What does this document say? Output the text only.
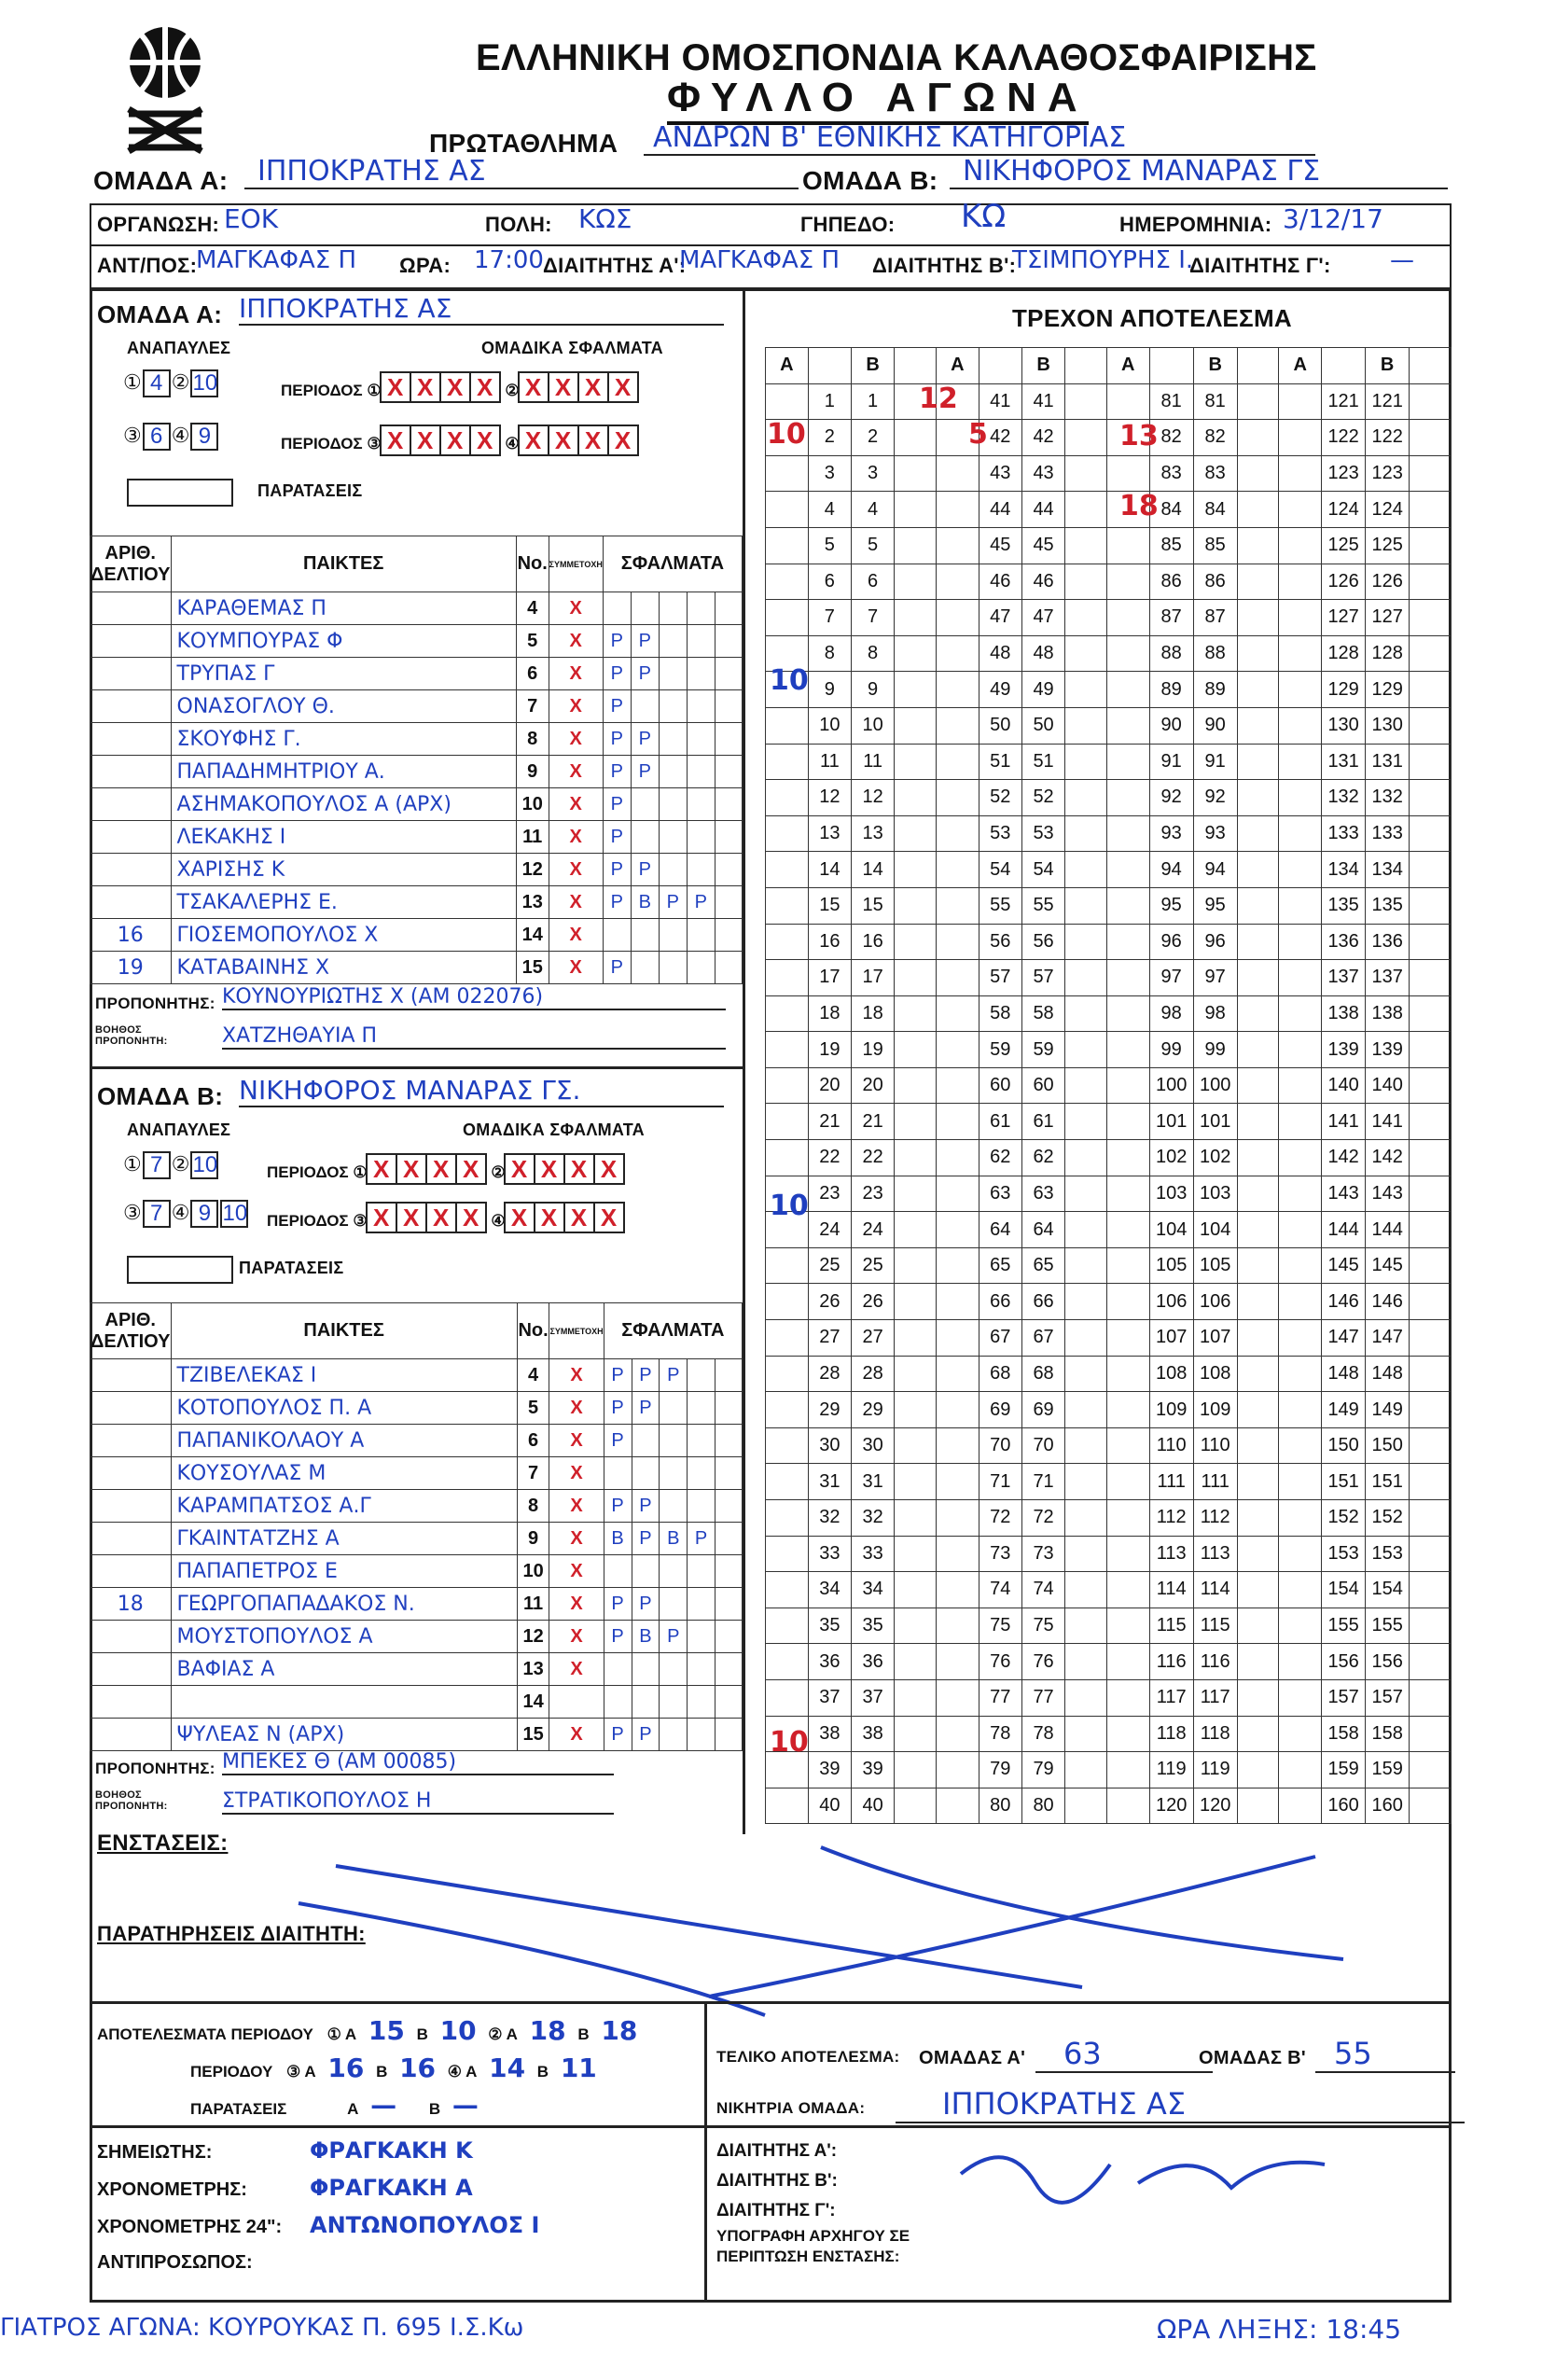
ΕΛΛΗΝΙΚΗ ΟΜΟΣΠΟΝΔΙΑ ΚΑΛΑΘΟΣΦΑΙΡΙΣΗΣ
ΦΥΛΛΟ ΑΓΩΝΑ
ΠΡΩΤΑΘΛΗΜΑ	ΑΝΔΡΩΝ Β' ΕΘΝΙΚΗΣ ΚΑΤΗΓΟΡΙΑΣ
ΟΜΑΔΑ Α:	ΙΠΠΟΚΡΑΤΗΣ ΑΣ	ΟΜΑΔΑ Β: ΝΙΚΗΦΟΡΟΣ ΜΑΝΑΡΑΣ ΓΣ
ΟΡΓΑΝΩΣΗ: ΕΟΚ	ΠΟΛΗ: ΚΩΣ	ΓΗΠΕΔΟ: ΚΩ	ΗΜΕΡΟΜΗΝΙΑ: 3/12/17
ΑΝΤ/ΠΟΣ:
ΜΑΓΚΑΦΑΣ Π ΩΡΑ: 17:00 ΔΙΑΙΤΗΤΗΣ Α':
ΜΑΓΚΑΦΑΣ Π ΔΙΑΙΤΗΤΗΣ Β':
ΤΣΙΜΠΟΥΡΗΣ Ι.
ΔΙΑΙΤΗΤΗΣ Γ': —
ΟΜΑΔΑ Α: ΙΠΠΟΚΡΑΤΗΣ ΑΣ
ΑΝΑΠΑΥΛΕΣ	ΟΜΑΔΙΚΑ ΣΦΑΛΜΑΤΑ
① 4 ② 10
③ 6 ④ 9
ΠΕΡΙΟΔΟΣ ① X X X X ② X X X X
ΠΕΡΙΟΔΟΣ ③ X X X X ④ X X X X
ΠΑΡΑΤΑΣΕΙΣ
ΑΡΙΘ. ΔΕΛΤΙΟΥ	ΠΑΙΚΤΕΣ	No.	ΣΥΜΜΕΤΟΧΗ	ΣΦΑΛΜΑΤΑ				
	ΚΑΡΑΘΕΜΑΣ Π	4	X					
	ΚΟΥΜΠΟΥΡΑΣ Φ	5	X	P	P			
	ΤΡΥΠΑΣ Γ	6	X	P	P			
	ΟΝΑΣΟΓΛΟΥ Θ.	7	X	P				
	ΣΚΟΥΦΗΣ Γ.	8	X	P	P			
	ΠΑΠΑΔΗΜΗΤΡΙΟΥ Α.	9	X	P	P			
	ΑΣΗΜΑΚΟΠΟΥΛΟΣ Α (ΑΡΧ)	10	X	P				
	ΛΕΚΑΚΗΣ Ι	11	X	P				
	ΧΑΡΙΣΗΣ Κ	12	X	P	P			
	ΤΣΑΚΑΛΕΡΗΣ Ε.	13	X	P	B	P	P	
16	ΓΙΟΣΕΜΟΠΟΥΛΟΣ Χ	14	X					
19	ΚΑΤΑΒΑΙΝΗΣ Χ	15	X	P				
ΠΡΟΠΟΝΗΤΗΣ: ΚΟΥΝΟΥΡΙΩΤΗΣ Χ (ΑΜ 022076)
ΒΟΗΘΟΣ ΠΡΟΠΟΝΗΤΗ:	ΧΑΤΖΗΘΑΥΙΑ Π
ΟΜΑΔΑ Β: ΝΙΚΗΦΟΡΟΣ ΜΑΝΑΡΑΣ ΓΣ.
ΑΝΑΠΑΥΛΕΣ	ΟΜΑΔΙΚΑ ΣΦΑΛΜΑΤΑ
① 7 ② 10
③ 7 ④ 9 10
ΠΕΡΙΟΔΟΣ ① X X X X ② X X X X
ΠΕΡΙΟΔΟΣ ③ X X X X ④ X X X X
ΠΑΡΑΤΑΣΕΙΣ
ΑΡΙΘ. ΔΕΛΤΙΟΥ	ΠΑΙΚΤΕΣ	No.	ΣΥΜΜΕΤΟΧΗ	ΣΦΑΛΜΑΤΑ				
	ΤΖΙΒΕΛΕΚΑΣ Ι	4	X	P	P	P		
	ΚΟΤΟΠΟΥΛΟΣ Π. Α	5	X	P	P			
	ΠΑΠΑΝΙΚΟΛΑΟΥ Α	6	X	P				
	ΚΟΥΣΟΥΛΑΣ Μ	7	X					
	ΚΑΡΑΜΠΑΤΣΟΣ Α.Γ	8	X	P	P			
	ΓΚΑΙΝΤΑΤΖΗΣ Α	9	X	B	P	B	P	
	ΠΑΠΑΠΕΤΡΟΣ Ε	10	X					
18	ΓΕΩΡΓΟΠΑΠΑΔΑΚΟΣ Ν.	11	X	P	P			
	ΜΟΥΣΤΟΠΟΥΛΟΣ Α	12	X	P	B	P		
	ΒΑΦΙΑΣ Α	13	X					
		14						
	ΨΥΛΕΑΣ Ν (ΑΡΧ)	15	X	P	P			
ΠΡΟΠΟΝΗΤΗΣ: ΜΠΕΚΕΣ Θ (ΑΜ 00085)
ΒΟΗΘΟΣ ΠΡΟΠΟΝΗΤΗ:	ΣΤΡΑΤΙΚΟΠΟΥΛΟΣ Η
ΤΡΕΧΟΝ ΑΠΟΤΕΛΕΣΜΑ
Α		Β		Α		Β		Α		Β		Α		Β	
	1	1			41	41			81	81			121	121	
	2	2			42	42			82	82			122	122	
	3	3			43	43			83	83			123	123	
	4	4			44	44			84	84			124	124	
	5	5			45	45			85	85			125	125	
	6	6			46	46			86	86			126	126	
	7	7			47	47			87	87			127	127	
	8	8			48	48			88	88			128	128	
	9	9			49	49			89	89			129	129	
	10	10			50	50			90	90			130	130	
	11	11			51	51			91	91			131	131	
	12	12			52	52			92	92			132	132	
	13	13			53	53			93	93			133	133	
	14	14			54	54			94	94			134	134	
	15	15			55	55			95	95			135	135	
	16	16			56	56			96	96			136	136	
	17	17			57	57			97	97			137	137	
	18	18			58	58			98	98			138	138	
	19	19			59	59			99	99			139	139	
	20	20			60	60			100	100			140	140	
	21	21			61	61			101	101			141	141	
	22	22			62	62			102	102			142	142	
	23	23			63	63			103	103			143	143	
	24	24			64	64			104	104			144	144	
	25	25			65	65			105	105			145	145	
	26	26			66	66			106	106			146	146	
	27	27			67	67			107	107			147	147	
	28	28			68	68			108	108			148	148	
	29	29			69	69			109	109			149	149	
	30	30			70	70			110	110			150	150	
	31	31			71	71			111	111			151	151	
	32	32			72	72			112	112			152	152	
	33	33			73	73			113	113			153	153	
	34	34			74	74			114	114			154	154	
	35	35			75	75			115	115			155	155	
	36	36			76	76			116	116			156	156	
	37	37			77	77			117	117			157	157	
	38	38			78	78			118	118			158	158	
	39	39			79	79			119	119			159	159	
	40	40			80	80			120	120			160	160	
10	5
12
13
18
10
10
10
ΕΝΣΤΑΣΕΙΣ:
ΠΑΡΑΤΗΡΗΣΕΙΣ ΔΙΑΙΤΗΤΗ:
ΑΠΟΤΕΛΕΣΜΑΤΑ ΠΕΡΙΟΔΟΥ ① Α 15 Β 10 ② Α 18 Β 18
ΠΕΡΙΟΔΟΥ ③ Α 16 Β 16 ④ Α 14 Β 11
ΠΑΡΑΤΑΣΕΙΣ	Α — Β —
ΤΕΛΙΚΟ ΑΠΟΤΕΛΕΣΜΑ: ΟΜΑΔΑΣ Α'	63	ΟΜΑΔΑΣ Β' 55
ΝΙΚΗΤΡΙΑ ΟΜΑΔΑ:	ΙΠΠΟΚΡΑΤΗΣ ΑΣ
ΣΗΜΕΙΩΤΗΣ:	ΦΡΑΓΚΑΚΗ Κ
ΧΡΟΝΟΜΕΤΡΗΣ:	ΦΡΑΓΚΑΚΗ Α
ΧΡΟΝΟΜΕΤΡΗΣ 24": ΑΝΤΩΝΟΠΟΥΛΟΣ Ι
ΑΝΤΙΠΡΟΣΩΠΟΣ:
ΔΙΑΙΤΗΤΗΣ Α':
ΔΙΑΙΤΗΤΗΣ Β':
ΔΙΑΙΤΗΤΗΣ Γ':
ΥΠΟΓΡΑΦΗ ΑΡΧΗΓΟΥ ΣΕ ΠΕΡΙΠΤΩΣΗ ΕΝΣΤΑΣΗΣ:
ΓΙΑΤΡΟΣ ΑΓΩΝΑ: ΚΟΥΡΟΥΚΑΣ Π. 695 Ι.Σ.Κω	ΩΡΑ ΛΗΞΗΣ: 18:45
